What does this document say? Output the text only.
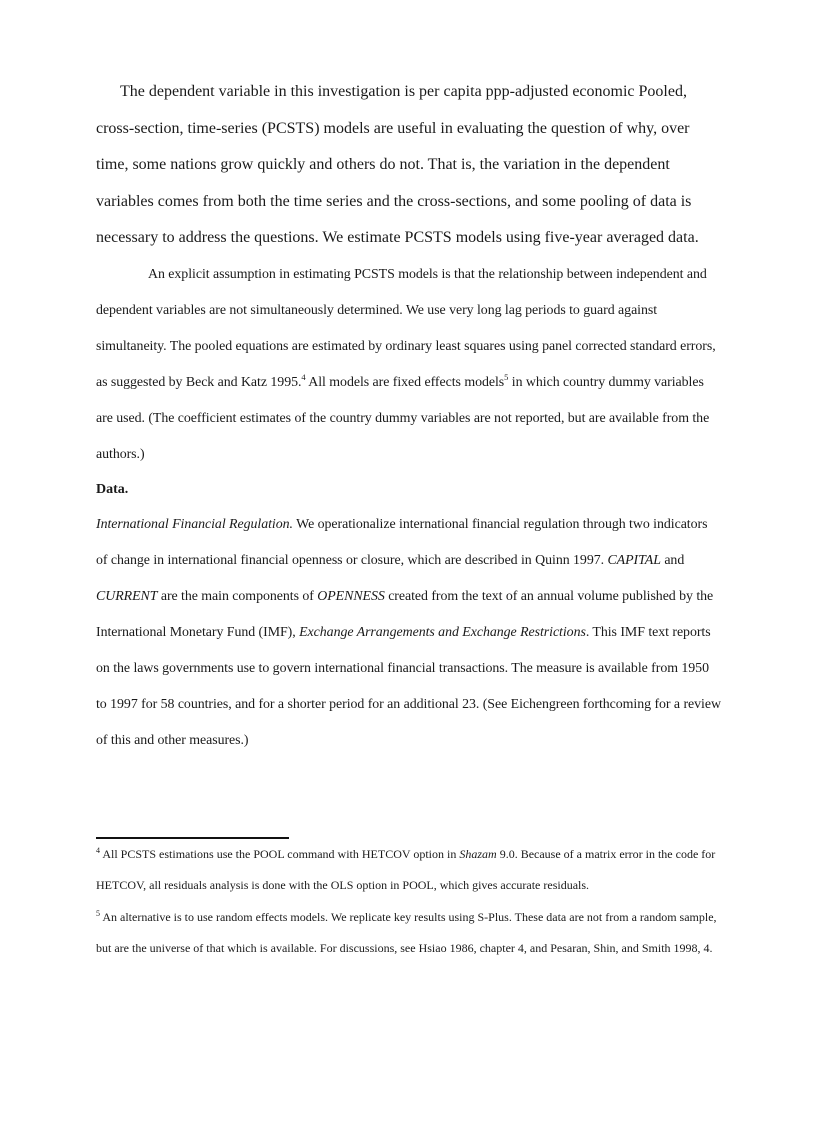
The dependent variable in this investigation is per capita ppp-adjusted economic Pooled, cross-section, time-series (PCSTS) models are useful in evaluating the question of why, over time, some nations grow quickly and others do not. That is, the variation in the dependent variables comes from both the time series and the cross-sections, and some pooling of data is necessary to address the questions. We estimate PCSTS models using five-year averaged data.

An explicit assumption in estimating PCSTS models is that the relationship between independent and dependent variables are not simultaneously determined. We use very long lag periods to guard against simultaneity. The pooled equations are estimated by ordinary least squares using panel corrected standard errors, as suggested by Beck and Katz 1995.$^4$ All models are fixed effects models$^5$ in which country dummy variables are used. (The coefficient estimates of the country dummy variables are not reported, but are available from the authors.)

Data.

International Financial Regulation. We operationalize international financial regulation through two indicators of change in international financial openness or closure, which are described in Quinn 1997. CAPITAL and CURRENT are the main components of OPENNESS created from the text of an annual volume published by the International Monetary Fund (IMF), Exchange Arrangements and Exchange Restrictions. This IMF text reports on the laws governments use to govern international financial transactions. The measure is available from 1950 to 1997 for 58 countries, and for a shorter period for an additional 23. (See Eichengreen forthcoming for a review of this and other measures.)

$^4$ All PCSTS estimations use the POOL command with HETCOV option in Shazam 9.0. Because of a matrix error in the code for HETCOV, all residuals analysis is done with the OLS option in POOL, which gives accurate residuals.

$^5$ An alternative is to use random effects models. We replicate key results using S-Plus. These data are not from a random sample, but are the universe of that which is available. For discussions, see Hsiao 1986, chapter 4, and Pesaran, Shin, and Smith 1998, 4.
